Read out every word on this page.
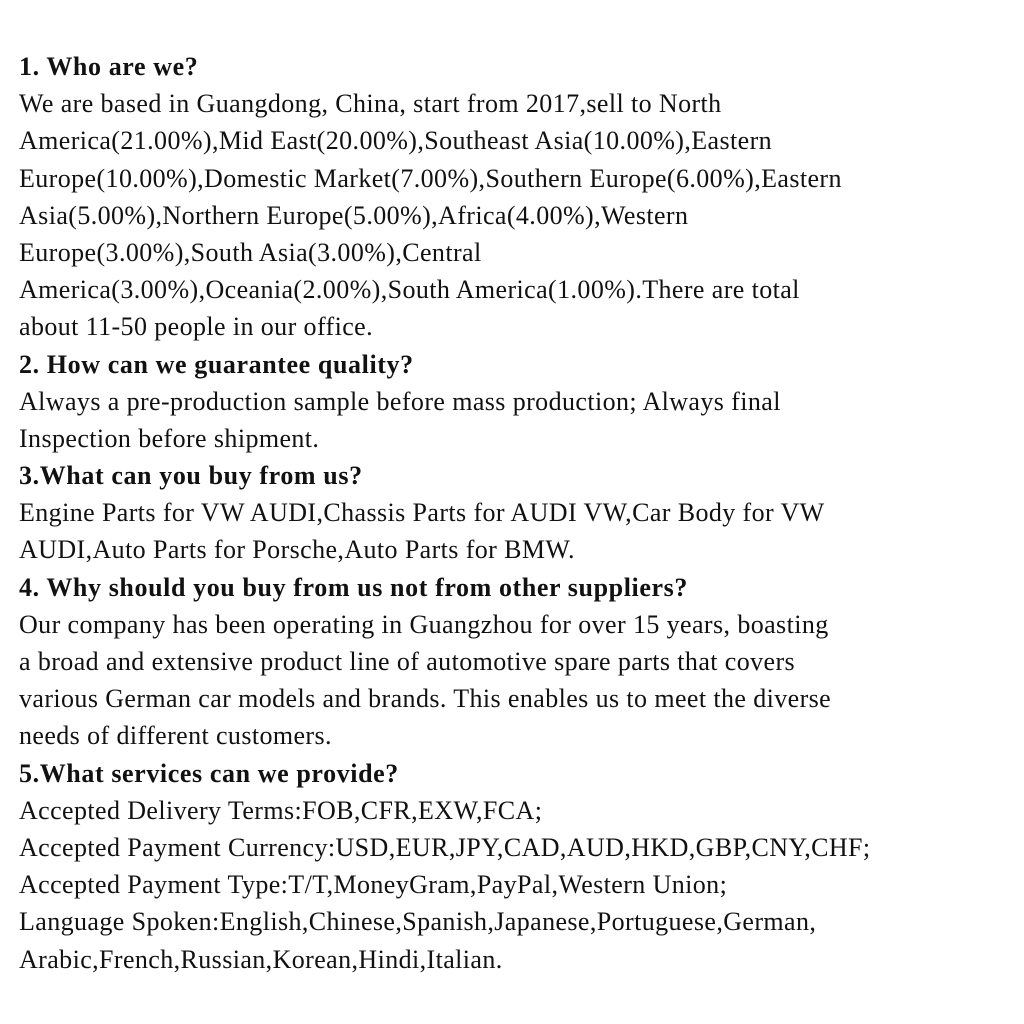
1. Who are we?
We are based in Guangdong, China, start from 2017,sell to North
America(21.00%),Mid East(20.00%),Southeast Asia(10.00%),Eastern
Europe(10.00%),Domestic Market(7.00%),Southern Europe(6.00%),Eastern
Asia(5.00%),Northern Europe(5.00%),Africa(4.00%),Western
Europe(3.00%),South Asia(3.00%),Central
America(3.00%),Oceania(2.00%),South America(1.00%).There are total
about 11-50 people in our office.
2. How can we guarantee quality?
Always a pre-production sample before mass production; Always final
Inspection before shipment.
3.What can you buy from us?
Engine Parts for VW AUDI,Chassis Parts for AUDI VW,Car Body for VW
AUDI,Auto Parts for Porsche,Auto Parts for BMW.
4. Why should you buy from us not from other suppliers?
Our company has been operating in Guangzhou for over 15 years, boasting
a broad and extensive product line of automotive spare parts that covers
various German car models and brands. This enables us to meet the diverse
needs of different customers.
5.What services can we provide?
Accepted Delivery Terms:FOB,CFR,EXW,FCA;
Accepted Payment Currency:USD,EUR,JPY,CAD,AUD,HKD,GBP,CNY,CHF;
Accepted Payment Type:T/T,MoneyGram,PayPal,Western Union;
Language Spoken:English,Chinese,Spanish,Japanese,Portuguese,German,
Arabic,French,Russian,Korean,Hindi,Italian.
